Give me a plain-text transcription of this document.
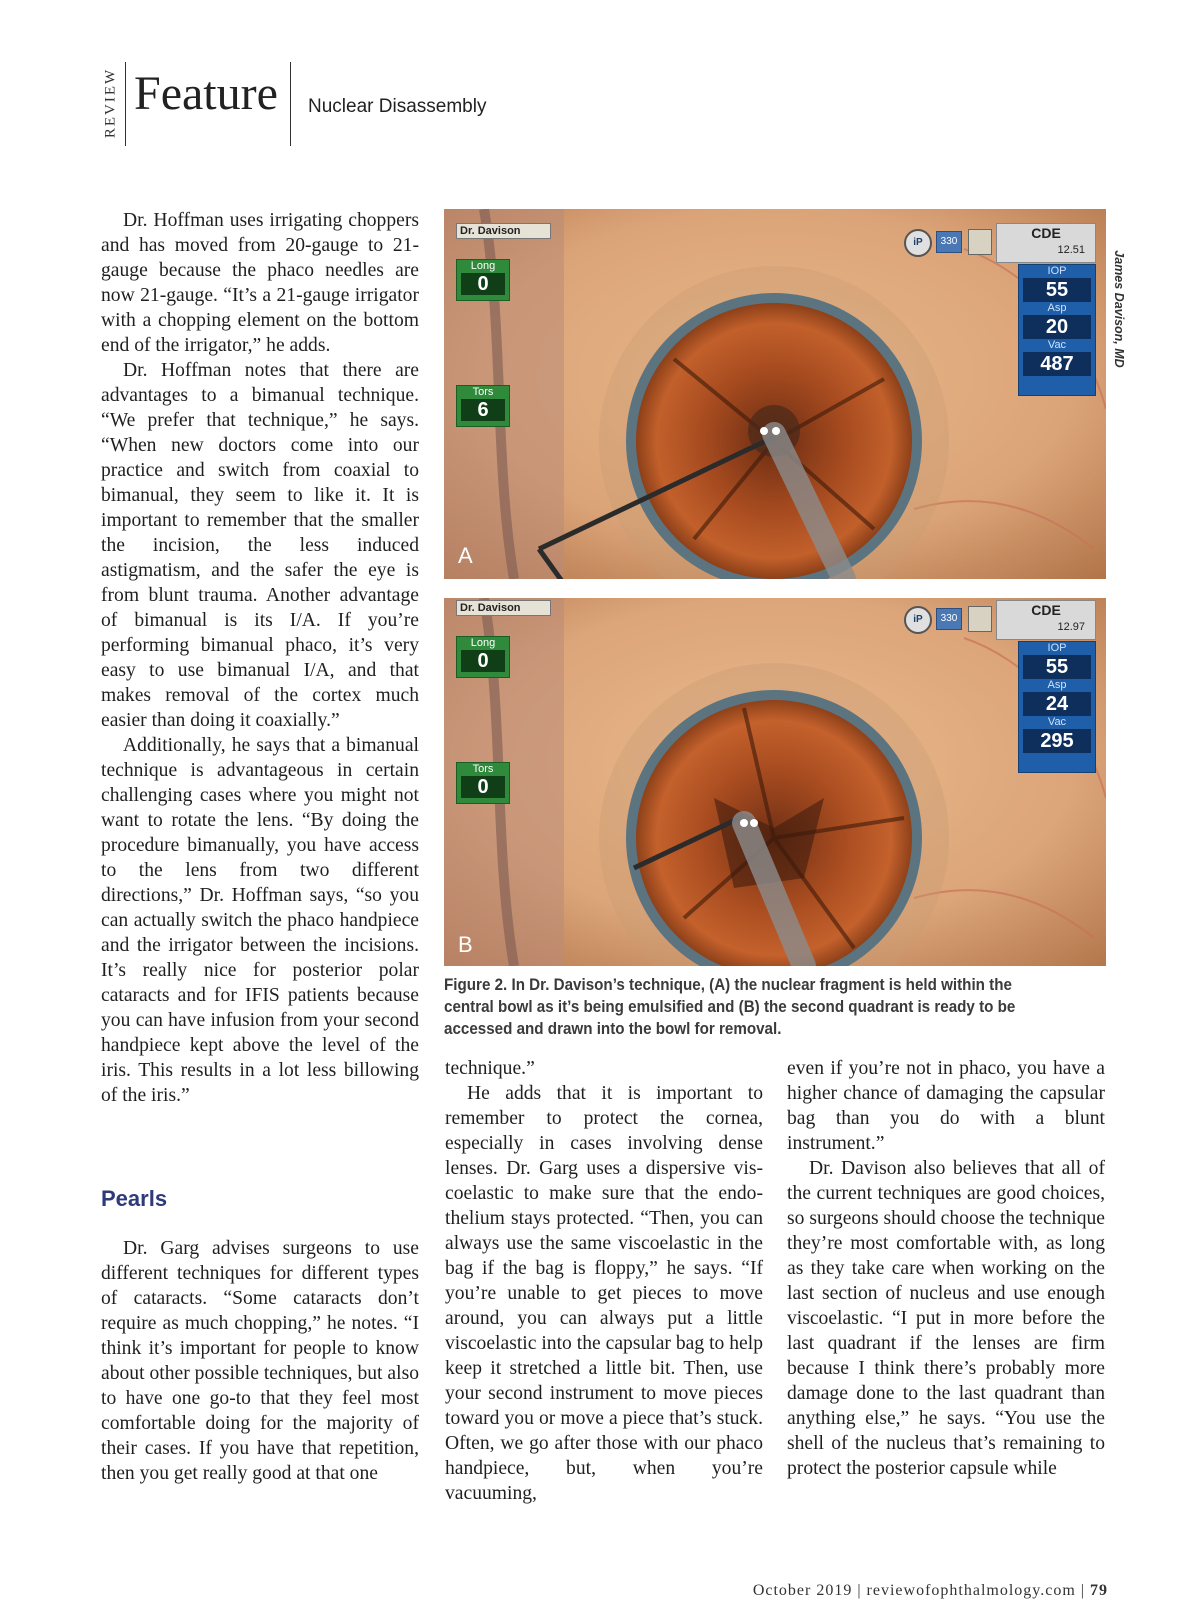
REVIEW Feature Nuclear Disassembly

Dr. Hoffman uses irrigating choppers and has moved from 20-gauge to 21-gauge because the phaco needles are now 21-gauge. “It’s a 21-gauge irrigator with a chopping element on the bottom end of the irrigator,” he adds.

Dr. Hoffman notes that there are advantages to a bimanual technique. “We prefer that technique,” he says. “When new doctors come into our practice and switch from coaxial to bimanual, they seem to like it. It is important to remember that the smaller the incision, the less induced astigmatism, and the safer the eye is from blunt trauma. Another advantage of bimanual is its I/A. If you’re performing bimanual phaco, it’s very easy to use bimanual I/A, and that makes removal of the cortex much easier than doing it coaxially.”

Additionally, he says that a bimanual technique is advantageous in certain challenging cases where you might not want to rotate the lens. “By doing the procedure bimanually, you have access to the lens from two different directions,” Dr. Hoffman says, “so you can actually switch the phaco handpiece and the irrigator between the incisions. It’s really nice for posterior polar cataracts and for IFIS patients because you can have infusion from your second handpiece kept above the level of the iris. This results in a lot less billowing of the iris.”

Pearls

Dr. Garg advises surgeons to use different techniques for different types of cataracts. “Some cataracts don’t require as much chopping,” he notes. “I think it’s important for people to know about other possible techniques, but also to have one go-to that they feel most comfortable doing for the majority of their cases. If you have that repetition, then you get really good at that one

technique.”

He adds that it is important to remember to protect the cornea, especially in cases involving dense lenses. Dr. Garg uses a dispersive viscoelastic to make sure that the endothelium stays protected. “Then, you can always use the same viscoelastic in the bag if the bag is floppy,” he says. “If you’re unable to get pieces to move around, you can always put a little viscoelastic into the capsular bag to help keep it stretched a little bit. Then, use your second instrument to move pieces toward you or move a piece that’s stuck. Often, we go after those with our phaco handpiece, but, when you’re vacuuming,

even if you’re not in phaco, you have a higher chance of damaging the capsular bag than you do with a blunt instrument.”

Dr. Davison also believes that all of the current techniques are good choices, so surgeons should choose the technique they’re most comfortable with, as long as they take care when working on the last section of nucleus and use enough viscoelastic. “I put in more before the last quadrant if the lenses are firm because I think there’s probably more damage done to the last quadrant than anything else,” he says. “You use the shell of the nucleus that’s remaining to protect the posterior capsule while

James Davison, MD
Dr. Davison
Long
0
Tors
6
iP	330
CDE
12.51
IOP
55
Asp
20
Vac
487
A
Dr. Davison
Long
0
Tors
0
iP	330
CDE
12.97
IOP
55
Asp
24
Vac
295
B
Figure 2. In Dr. Davison’s technique, (A) the nuclear fragment is held within the central bowl as it’s being emulsified and (B) the second quadrant is ready to be accessed and drawn into the bowl for removal.
October 2019 | reviewofophthalmology.com | 79
